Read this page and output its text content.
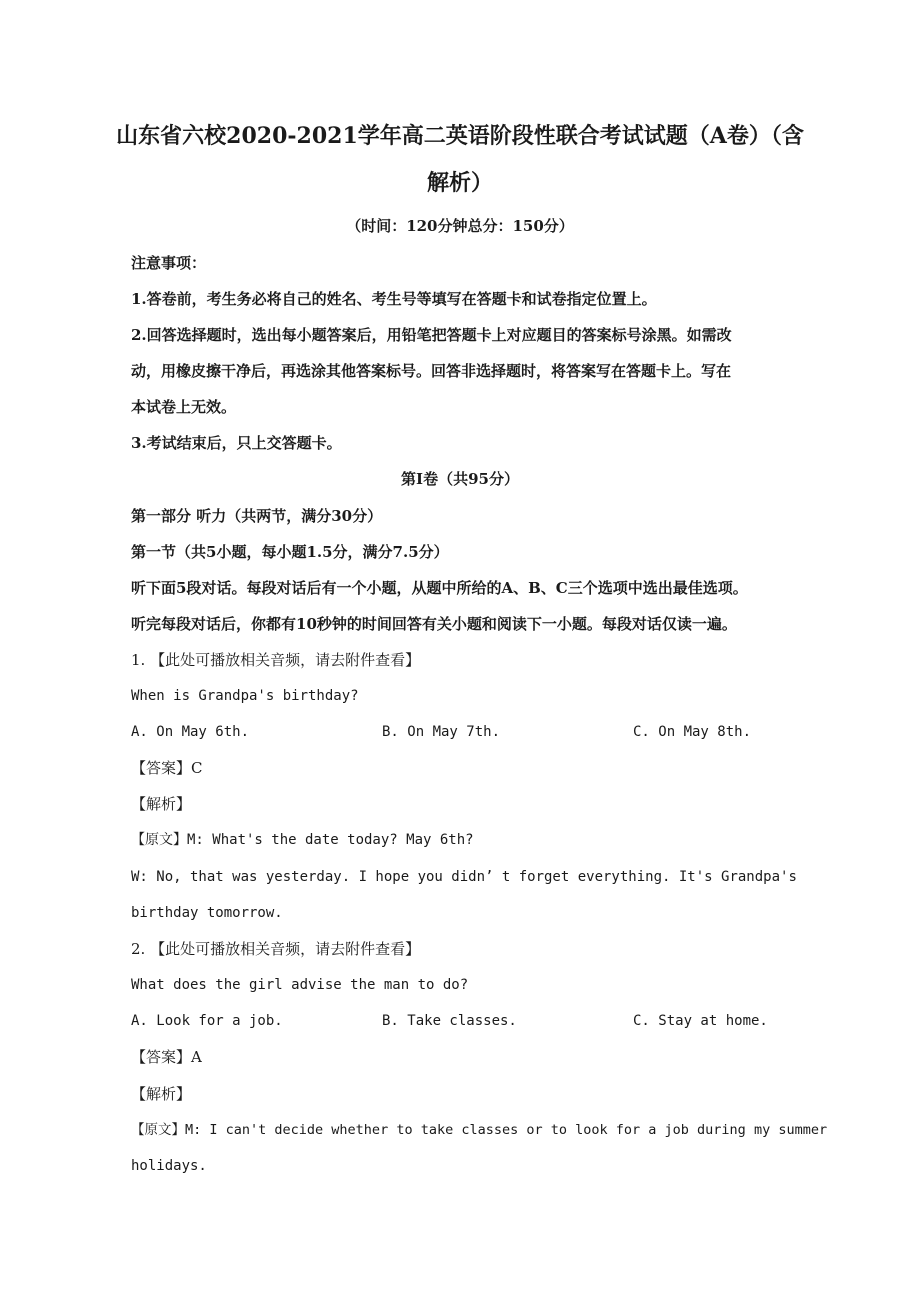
山东省六校2020-2021学年高二英语阶段性联合考试试题（A卷）（含
解析）
（时间：120分钟总分：150分）
注意事项：
1.答卷前，考生务必将自己的姓名、考生号等填写在答题卡和试卷指定位置上。
2.回答选择题时，选出每小题答案后，用铅笔把答题卡上对应题目的答案标号涂黑。如需改
动，用橡皮擦干净后，再选涂其他答案标号。回答非选择题时，将答案写在答题卡上。写在
本试卷上无效。
3.考试结束后，只上交答题卡。
第Ⅰ卷（共95分）
第一部分 听力（共两节，满分30分）
第一节（共5小题，每小题1.5分，满分7.5分）
听下面5段对话。每段对话后有一个小题，从题中所给的A、B、C三个选项中选出最佳选项。
听完每段对话后，你都有10秒钟的时间回答有关小题和阅读下一小题。每段对话仅读一遍。
1. 【此处可播放相关音频，请去附件查看】
When is Grandpa's birthday?
A. On May 6th.	B. On May 7th.	C. On May 8th.
【答案】C
【解析】
【原文】M: What's the date today? May 6th?
W: No, that was yesterday. I hope you didn’ t forget everything. It's Grandpa's
birthday tomorrow.
2. 【此处可播放相关音频，请去附件查看】
What does the girl advise the man to do?
A. Look for a job.	B. Take classes.	C. Stay at home.
【答案】A
【解析】
【原文】M: I can't decide whether to take classes or to look for a job during my summer
holidays.
